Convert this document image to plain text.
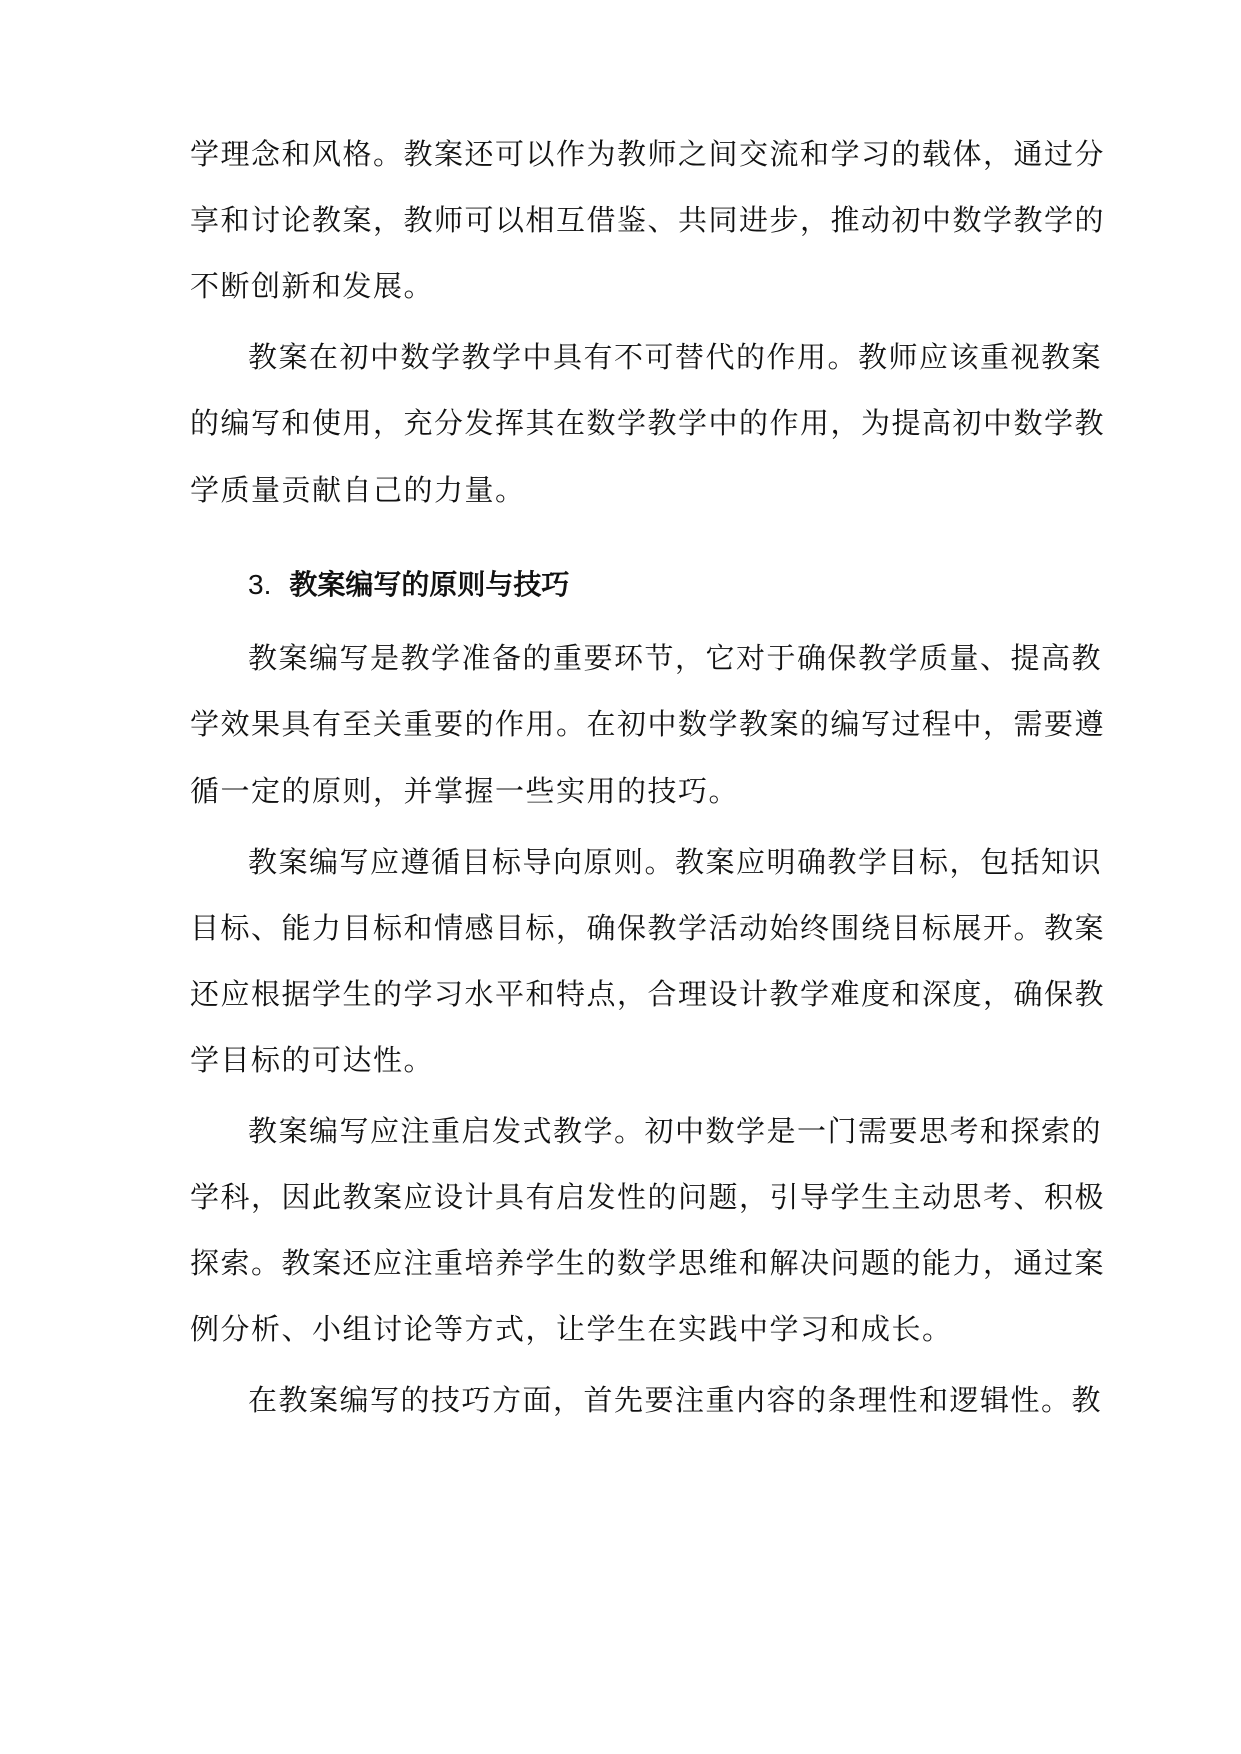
学理念和风格。教案还可以作为教师之间交流和学习的载体，通过分
享和讨论教案，教师可以相互借鉴、共同进步，推动初中数学教学的
不断创新和发展。
教案在初中数学教学中具有不可替代的作用。教师应该重视教案
的编写和使用，充分发挥其在数学教学中的作用，为提高初中数学教
学质量贡献自己的力量。
3. 教案编写的原则与技巧
教案编写是教学准备的重要环节，它对于确保教学质量、提高教
学效果具有至关重要的作用。在初中数学教案的编写过程中，需要遵
循一定的原则，并掌握一些实用的技巧。
教案编写应遵循目标导向原则。教案应明确教学目标，包括知识
目标、能力目标和情感目标，确保教学活动始终围绕目标展开。教案
还应根据学生的学习水平和特点，合理设计教学难度和深度，确保教
学目标的可达性。
教案编写应注重启发式教学。初中数学是一门需要思考和探索的
学科，因此教案应设计具有启发性的问题，引导学生主动思考、积极
探索。教案还应注重培养学生的数学思维和解决问题的能力，通过案
例分析、小组讨论等方式，让学生在实践中学习和成长。
在教案编写的技巧方面，首先要注重内容的条理性和逻辑性。教
